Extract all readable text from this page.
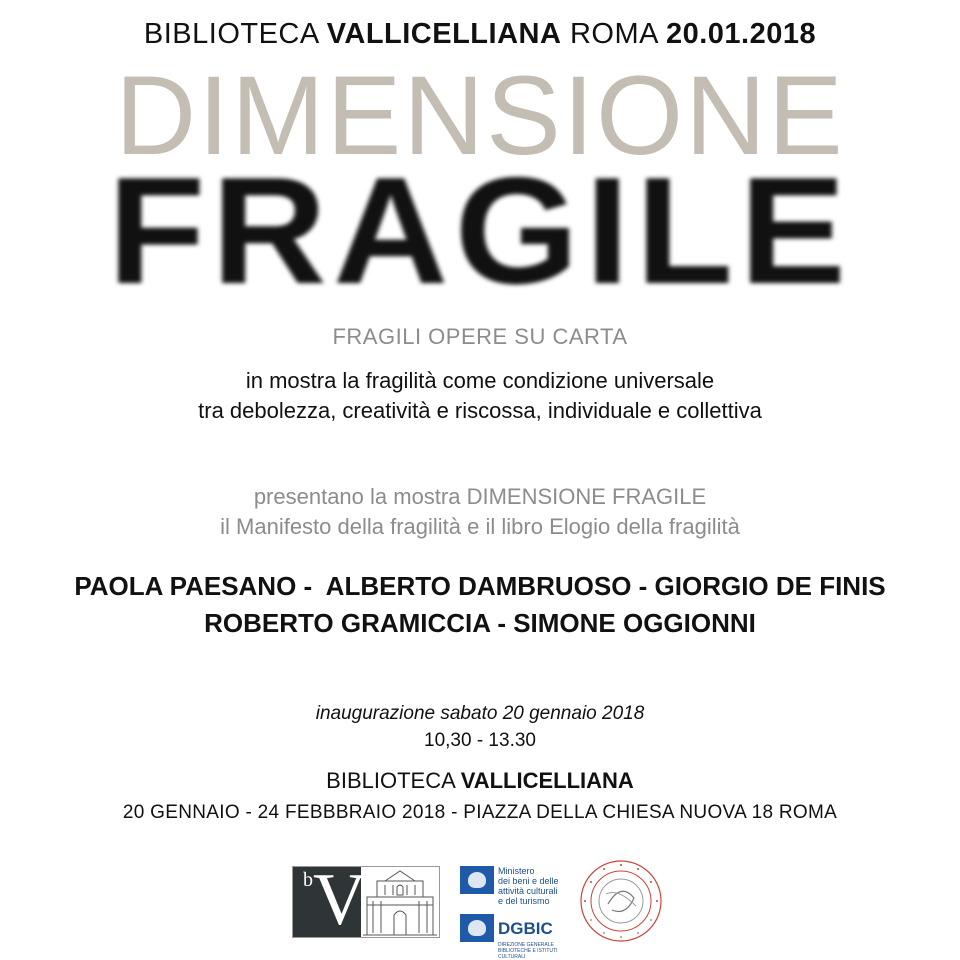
BIBLIOTECA VALLICELLIANA ROMA 20.01.2018
DIMENSIONE
FRAGILE
FRAGILI OPERE SU CARTA
in mostra la fragilità come condizione universale
tra debolezza, creatività e riscossa, individuale e collettiva
presentano la mostra DIMENSIONE FRAGILE
il Manifesto della fragilità e il libro Elogio della fragilità
PAOLA PAESANO -  ALBERTO DAMBRUOSO - GIORGIO DE FINIS
ROBERTO GRAMICCIA - SIMONE OGGIONNI
inaugurazione sabato 20 gennaio 2018
10,30 - 13.30
BIBLIOTECA VALLICELLIANA
20 GENNAIO - 24 FEBBBRAIO 2018 - PIAZZA DELLA CHIESA NUOVA 18 ROMA
b V	Ministero
dei beni e delle
attività culturali
e del turismo
DGBIC
DIREZIONE GENERALE
BIBLIOTECHE E ISTITUTI CULTURALI
